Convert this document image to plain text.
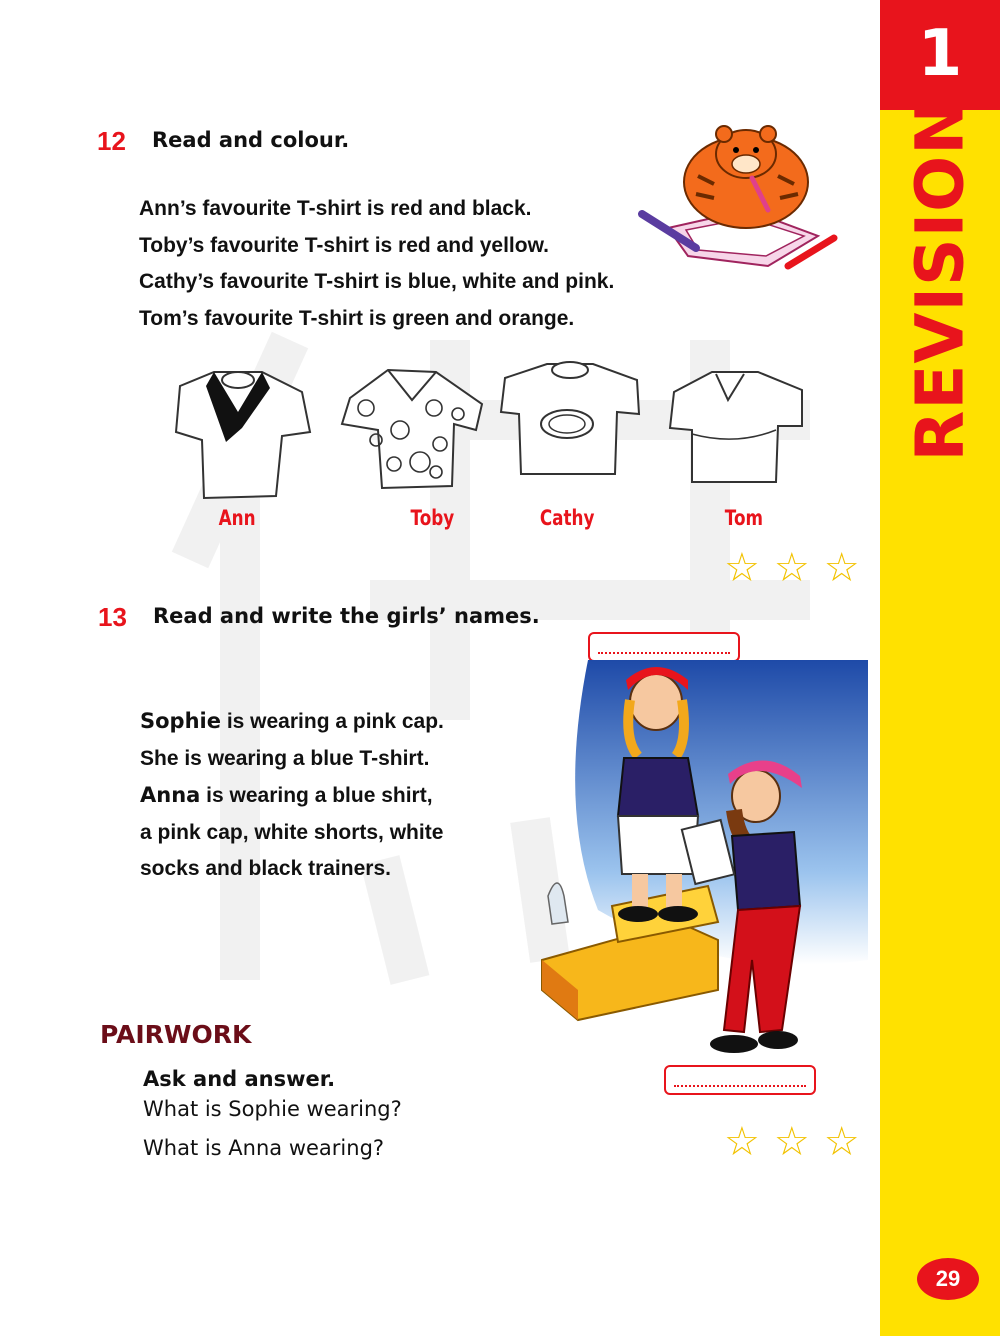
1
REVISION
29
12 Read and colour.
Ann’s favourite T-shirt is red and black.
Toby’s favourite T-shirt is red and yellow.
Cathy’s favourite T-shirt is blue, white and pink.
Tom’s favourite T-shirt is green and orange.
Ann	Toby	Cathy	Tom
☆ ☆ ☆
13 Read and write the girls’ names.
Sophie is wearing a pink cap.
She is wearing a blue T-shirt.
Anna is wearing a blue shirt,
a pink cap, white shorts, white
socks and black trainers.
PAIRWORK
Ask and answer.
What is Sophie wearing?
What is Anna wearing?	☆ ☆ ☆
